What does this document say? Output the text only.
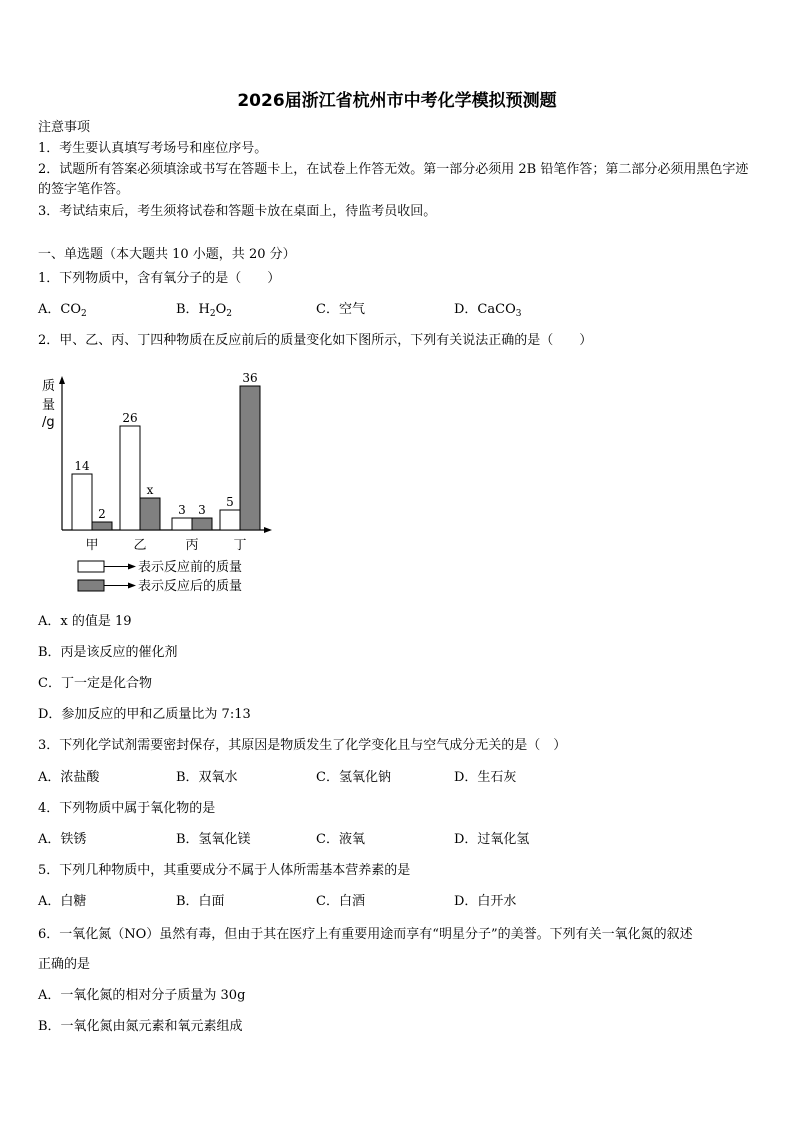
2026届浙江省杭州市中考化学模拟预测题
注意事项
1．考生要认真填写考场号和座位序号。
2．试题所有答案必须填涂或书写在答题卡上，在试卷上作答无效。第一部分必须用 2B 铅笔作答；第二部分必须用黑色字迹的签字笔作答。
3．考试结束后，考生须将试卷和答题卡放在桌面上，待监考员收回。
一、单选题（本大题共 10 小题，共 20 分）
1．下列物质中，含有氧分子的是（　　）
A．$CO_2$	B．$H_2O_2$	C．空气	D．CaCO$_3$
2．甲、乙、丙、丁四种物质在反应前后的质量变化如下图所示，下列有关说法正确的是（　　）
质
量
/g
14
2
甲
26
x
乙
3 3
丙
5
36
丁
表示反应前的质量
表示反应后的质量
A．x 的值是 19
B．丙是该反应的催化剂
C．丁一定是化合物
D．参加反应的甲和乙质量比为 7:13
3．下列化学试剂需要密封保存，其原因是物质发生了化学变化且与空气成分无关的是（　）
A．浓盐酸	B．双氧水	C．氢氧化钠	D．生石灰
4．下列物质中属于氧化物的是
A．铁锈	B．氢氧化镁	C．液氧	D．过氧化氢
5．下列几种物质中，其重要成分不属于人体所需基本营养素的是
A．白糖	B．白面	C．白酒	D．白开水
6．一氧化氮（NO）虽然有毒，但由于其在医疗上有重要用途而享有“明星分子”的美誉。下列有关一氧化氮的叙述
正确的是
A．一氧化氮的相对分子质量为 30g
B．一氧化氮由氮元素和氧元素组成
